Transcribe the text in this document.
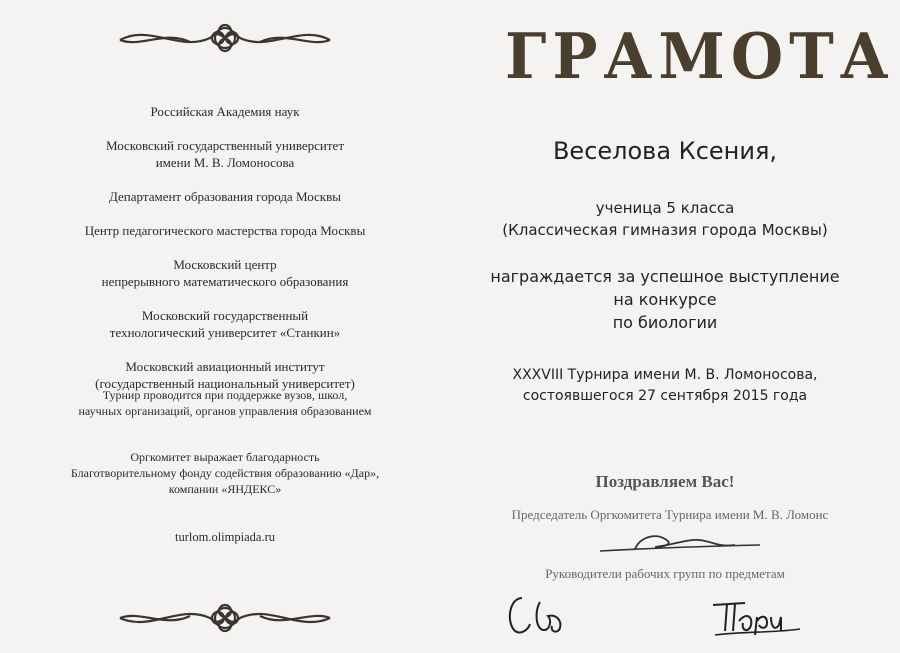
Российская Академия наук
Московский государственный университет
имени М. В. Ломоносова
Департамент образования города Москвы
Центр педагогического мастерства города Москвы
Московский центр
непрерывного математического образования
Московский государственный
технологический университет «Станкин»
Московский авиационный институт
(государственный национальный университет)
Турнир проводится при поддержке вузов, школ,
научных организаций, органов управления образованием
Оргкомитет выражает благодарность
Благотворительному фонду содействия образованию «Дар»,
компании «ЯНДЕКС»
turlom.olimpiada.ru
ГРАМОТА
Веселова Ксения,
ученица 5 класса
(Классическая гимназия города Москвы)
награждается за успешное выступление
на конкурсе
по биологии
XXXVIII Турнира имени М. В. Ломоносова,
состоявшегося 27 сентября 2015 года
Поздравляем Вас!
Председатель Оргкомитета Турнира имени М. В. Ломонс
Руководители рабочих групп по предметам
